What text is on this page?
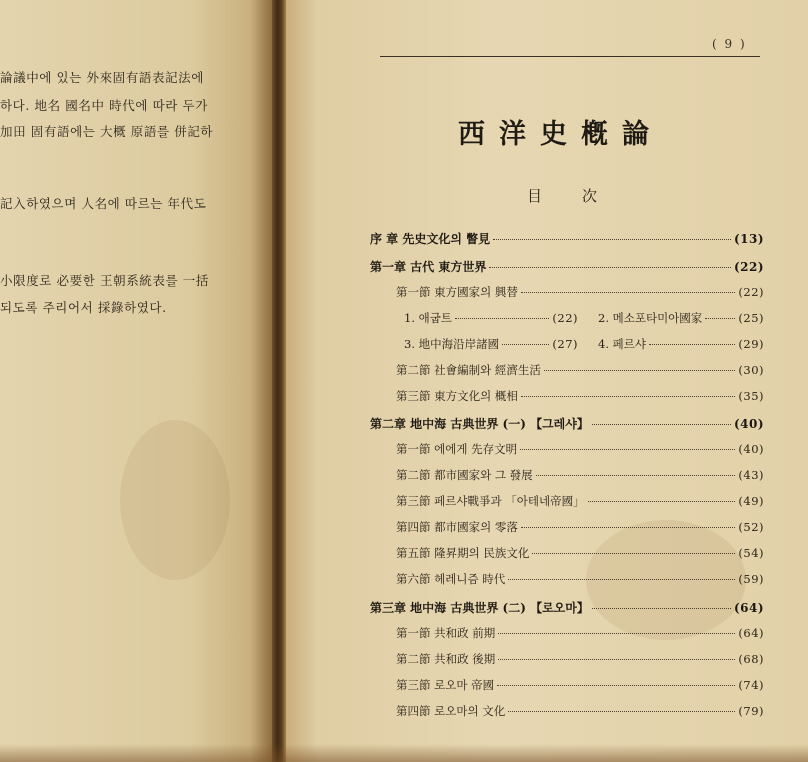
論議中에 있는 外來固有語表記法에
하다. 地名 國名中 時代에 따라 두가
加田 固有語에는 大概 原語를 併記하
記入하였으며 人名에 따르는 年代도
小限度로 必要한 王朝系統表를 一括
되도록 주리어서 採錄하였다.
( 9 )
西洋史槪論
目次
序 章 先史文化의 瞥見	(13)
第一章 古代 東方世界	(22)
第一節 東方國家의 興替	(22)
1. 애굽트	(22) 2. 메소포타미아國家	(25)
3. 地中海沿岸諸國	(27) 4. 페르샤	(29)
第二節 社會編制와 經濟生活	(30)
第三節 東方文化의 概相	(35)
第二章 地中海 古典世界 (一) 【그레샤】	(40)
第一節 에에게 先存文明	(40)
第二節 都市國家와 그 發展	(43)
第三節 페르샤戰爭과 「아테네帝國」	(49)
第四節 都市國家의 零落	(52)
第五節 隆昇期의 民族文化	(54)
第六節 헤레니즘 時代	(59)
第三章 地中海 古典世界 (二) 【로오마】	(64)
第一節 共和政 前期	(64)
第二節 共和政 後期	(68)
第三節 로오마 帝國	(74)
第四節 로오마의 文化	(79)
